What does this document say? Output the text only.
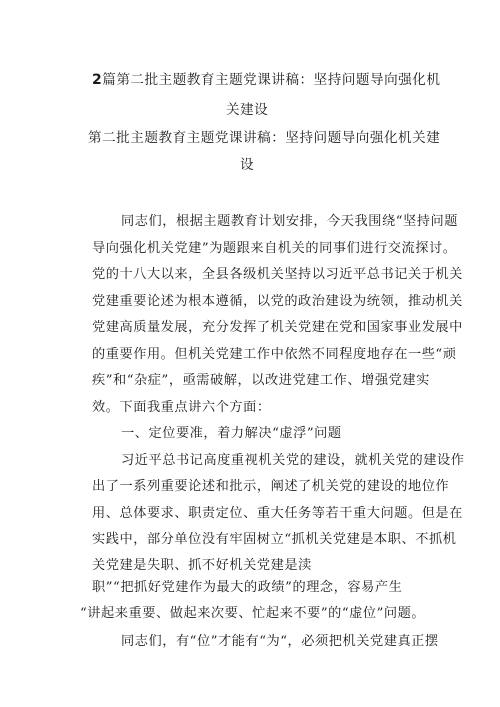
2篇第二批主题教育主题党课讲稿：坚持问题导向强化机
关建设
第二批主题教育主题党课讲稿：坚持问题导向强化机关建
设
同志们，根据主题教育计划安排，今天我围绕“坚持问题
导向强化机关党建”为题跟来自机关的同事们进行交流探讨。
党的十八大以来，全县各级机关坚持以习近平总书记关于机关
党建重要论述为根本遵循，以党的政治建设为统领，推动机关
党建高质量发展，充分发挥了机关党建在党和国家事业发展中
的重要作用。但机关党建工作中依然不同程度地存在一些“顽
疾”和“杂症”，亟需破解，以改进党建工作、增强党建实
效。下面我重点讲六个方面：
一、定位要准，着力解决“虚浮”问题
习近平总书记高度重视机关党的建设，就机关党的建设作
出了一系列重要论述和批示，阐述了机关党的建设的地位作
用、总体要求、职责定位、重大任务等若干重大问题。但是在
实践中，部分单位没有牢固树立“抓机关党建是本职、不抓机
关党建是失职、抓不好机关党建是渎
职”“把抓好党建作为最大的政绩”的理念，容易产生
“讲起来重要、做起来次要、忙起来不要”的“虚位”问题。
同志们，有“位”才能有“为“，必须把机关党建真正摆
